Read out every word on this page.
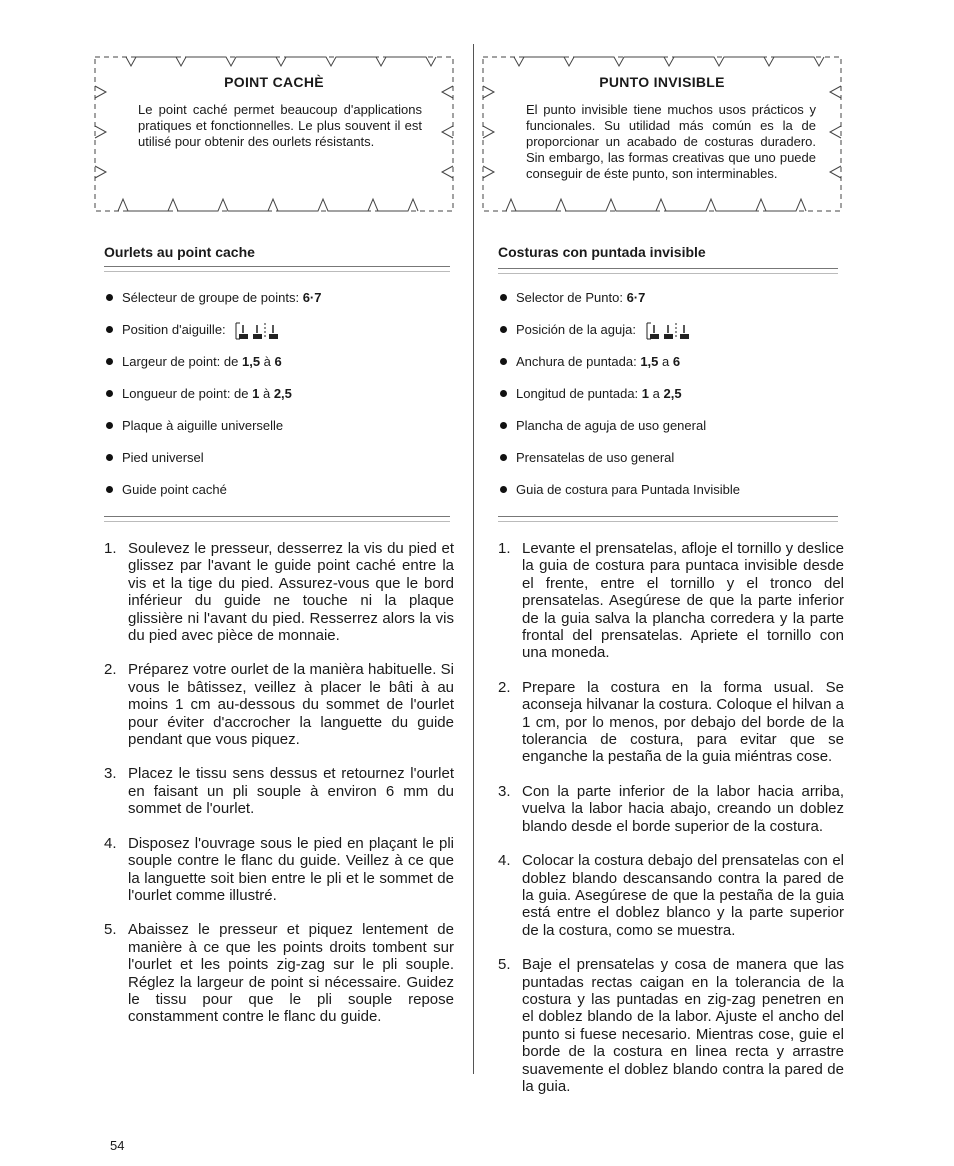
POINT CACHÈ
Le point caché permet beaucoup d'applications pratiques et fonctionnelles. Le plus souvent il est utilisé pour obtenir des ourlets résistants.
Ourlets au point cache
Sélecteur de groupe de points: 6·7
Position d'aiguille:
Largeur de point: de 1,5 à 6
Longueur de point: de 1 à 2,5
Plaque à aiguille universelle
Pied universel
Guide point caché
1. Soulevez le presseur, desserrez la vis du pied et glissez par l'avant le guide point caché entre la vis et la tige du pied. Assurez-vous que le bord inférieur du guide ne touche ni la plaque glissière ni l'avant du pied. Resserrez alors la vis du pied avec pièce de monnaie.
2. Préparez votre ourlet de la manièra habituelle. Si vous le bâtissez, veillez à placer le bâti à au moins 1 cm au-dessous du sommet de l'ourlet pour éviter d'accrocher la languette du guide pendant que vous piquez.
3. Placez le tissu sens dessus et retournez l'ourlet en faisant un pli souple à environ 6 mm du sommet de l'ourlet.
4. Disposez l'ouvrage sous le pied en plaçant le pli souple contre le flanc du guide. Veillez à ce que la languette soit bien entre le pli et le sommet de l'ourlet comme illustré.
5. Abaissez le presseur et piquez lentement de manière à ce que les points droits tombent sur l'ourlet et les points zig-zag sur le pli souple. Réglez la largeur de point si nécessaire. Guidez le tissu pour que le pli souple repose constamment contre le flanc du guide.
PUNTO INVISIBLE
El punto invisible tiene muchos usos prácticos y funcionales. Su utilidad más común es la de proporcionar un acabado de costuras duradero. Sin embargo, las formas creativas que uno puede conseguir de éste punto, son interminables.
Costuras con puntada invisible
Selector de Punto: 6·7
Posición de la aguja:
Anchura de puntada: 1,5 a 6
Longitud de puntada: 1 a 2,5
Plancha de aguja de uso general
Prensatelas de uso general
Guia de costura para Puntada Invisible
1. Levante el prensatelas, afloje el tornillo y deslice la guia de costura para puntaca invisible desde el frente, entre el tornillo y el tronco del prensatelas. Asegúrese de que la parte inferior de la guia salva la plancha corredera y la parte frontal del prensatelas. Apriete el tornillo con una moneda.
2. Prepare la costura en la forma usual. Se aconseja hilvanar la costura. Coloque el hilvan a 1 cm, por lo menos, por debajo del borde de la tolerancia de costura, para evitar que se enganche la pestaña de la guia miéntras cose.
3. Con la parte inferior de la labor hacia arriba, vuelva la labor hacia abajo, creando un doblez blando desde el borde superior de la costura.
4. Colocar la costura debajo del prensatelas con el doblez blando descansando contra la pared de la guia. Asegúrese de que la pestaña de la guia está entre el doblez blanco y la parte superior de la costura, como se muestra.
5. Baje el prensatelas y cosa de manera que las puntadas rectas caigan en la tolerancia de la costura y las puntadas en zig-zag penetren en el doblez blando de la labor. Ajuste el ancho del punto si fuese necesario. Mientras cose, guie el borde de la costura en linea recta y arrastre suavemente el doblez blando contra la pared de la guia.
54
